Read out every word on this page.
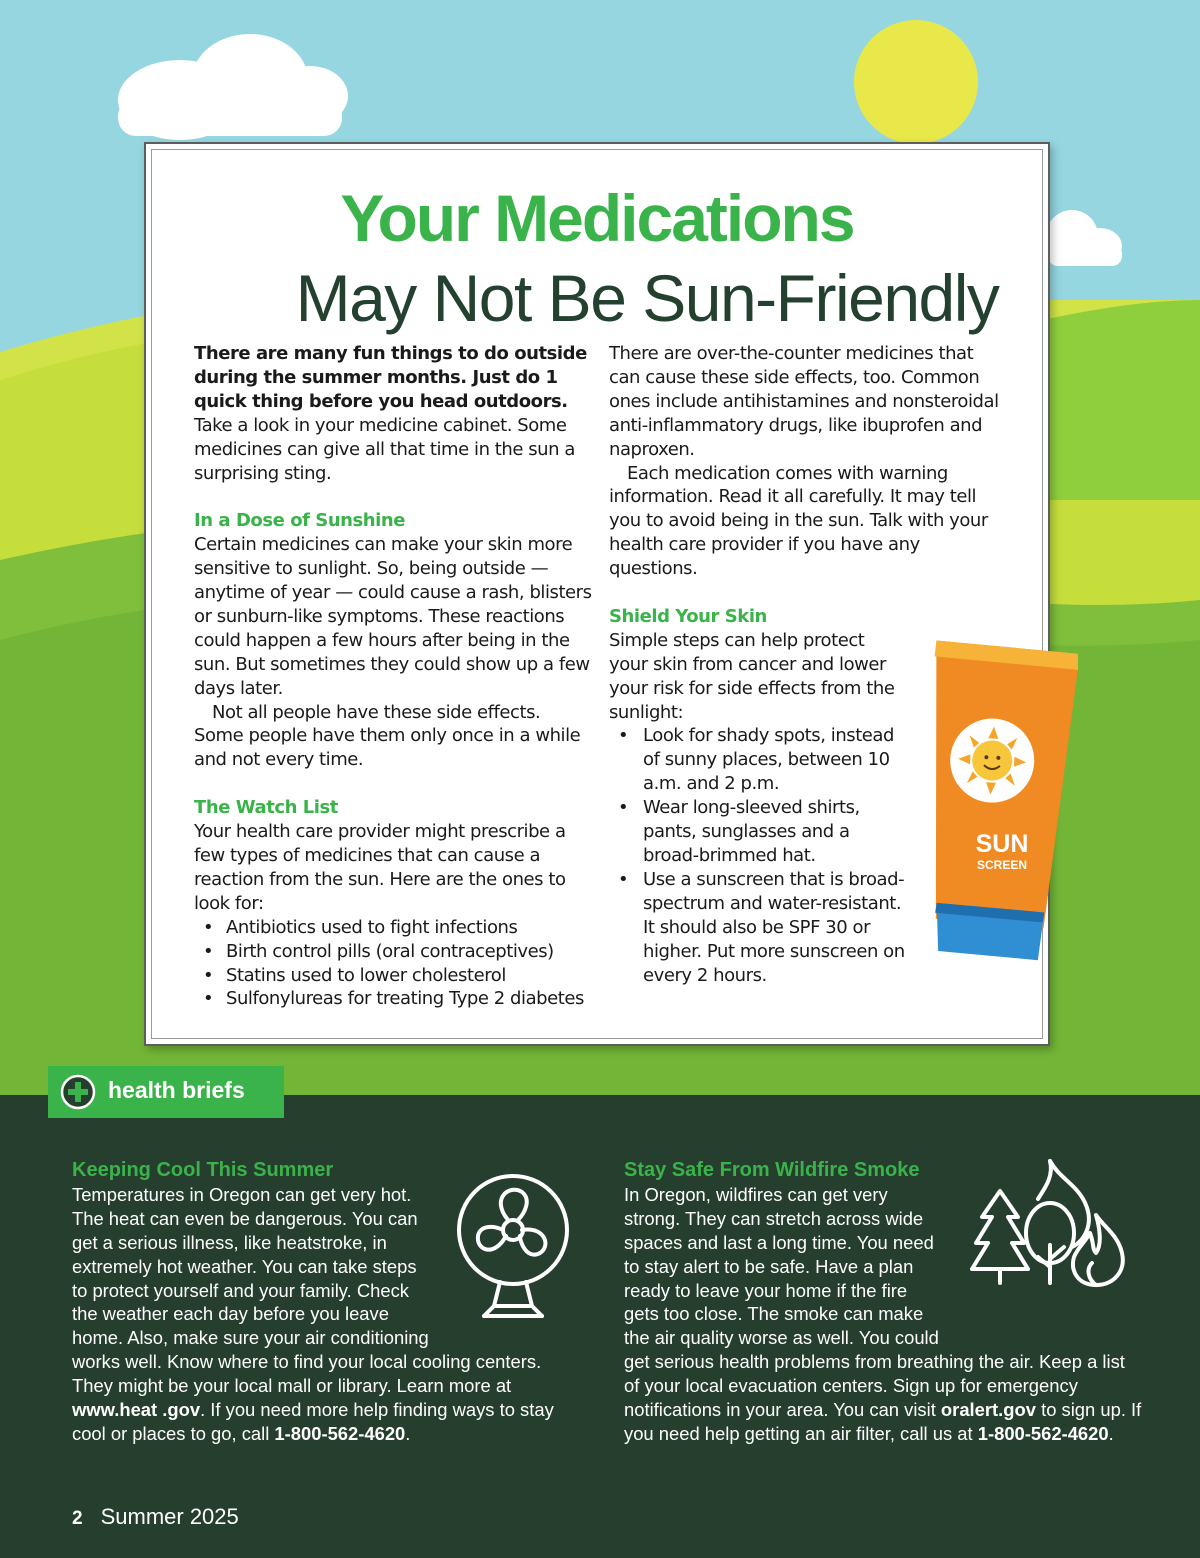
Your Medications
May Not Be Sun-Friendly

There are many fun things to do outside during the summer months. Just do 1 quick thing before you head outdoors.

Take a look in your medicine cabinet. Some medicines can give all that time in the sun a surprising sting.

In a Dose of Sunshine

Certain medicines can make your skin more sensitive to sunlight. So, being outside — anytime of year — could cause a rash, blisters or sunburn-like symptoms. These reactions could happen a few hours after being in the sun. But sometimes they could show up a few days later.

Not all people have these side effects. Some people have them only once in a while and not every time.

The Watch List

Your health care provider might prescribe a few types of medicines that can cause a reaction from the sun. Here are the ones to look for:

• Antibiotics used to fight infections
• Birth control pills (oral contraceptives)
• Statins used to lower cholesterol
• Sulfonylureas for treating Type 2 diabetes

There are over-the-counter medicines that can cause these side effects, too. Common ones include antihistamines and nonsteroidal anti-inflammatory drugs, like ibuprofen and naproxen.

Each medication comes with warning information. Read it all carefully. It may tell you to avoid being in the sun. Talk with your health care provider if you have any questions.

Shield Your Skin

Simple steps can help protect your skin from cancer and lower your risk for side effects from the sunlight:

• Look for shady spots, instead of sunny places, between 10 a.m. and 2 p.m.
• Wear long-sleeved shirts, pants, sunglasses and a broad-brimmed hat.
• Use a sunscreen that is broad-spectrum and water-resistant. It should also be SPF 30 or higher. Put more sunscreen on every 2 hours.
SUN
SCREEN
health briefs
Keeping Cool This Summer

Temperatures in Oregon can get very hot. The heat can even be dangerous. You can get a serious illness, like heatstroke, in extremely hot weather. You can take steps to protect yourself and your family. Check the weather each day before you leave home. Also, make sure your air conditioning works well. Know where to find your local cooling centers. They might be your local mall or library. Learn more at www.heat .gov. If you need more help finding ways to stay cool or places to go, call 1-800-562-4620.

Stay Safe From Wildfire Smoke

In Oregon, wildfires can get very strong. They can stretch across wide spaces and last a long time. You need to stay alert to be safe. Have a plan ready to leave your home if the fire gets too close. The smoke can make the air quality worse as well. You could get serious health problems from breathing the air. Keep a list of your local evacuation centers. Sign up for emergency notifications in your area. You can visit oralert.gov to sign up. If you need help getting an air filter, call us at 1-800-562-4620.

2 Summer 2025
